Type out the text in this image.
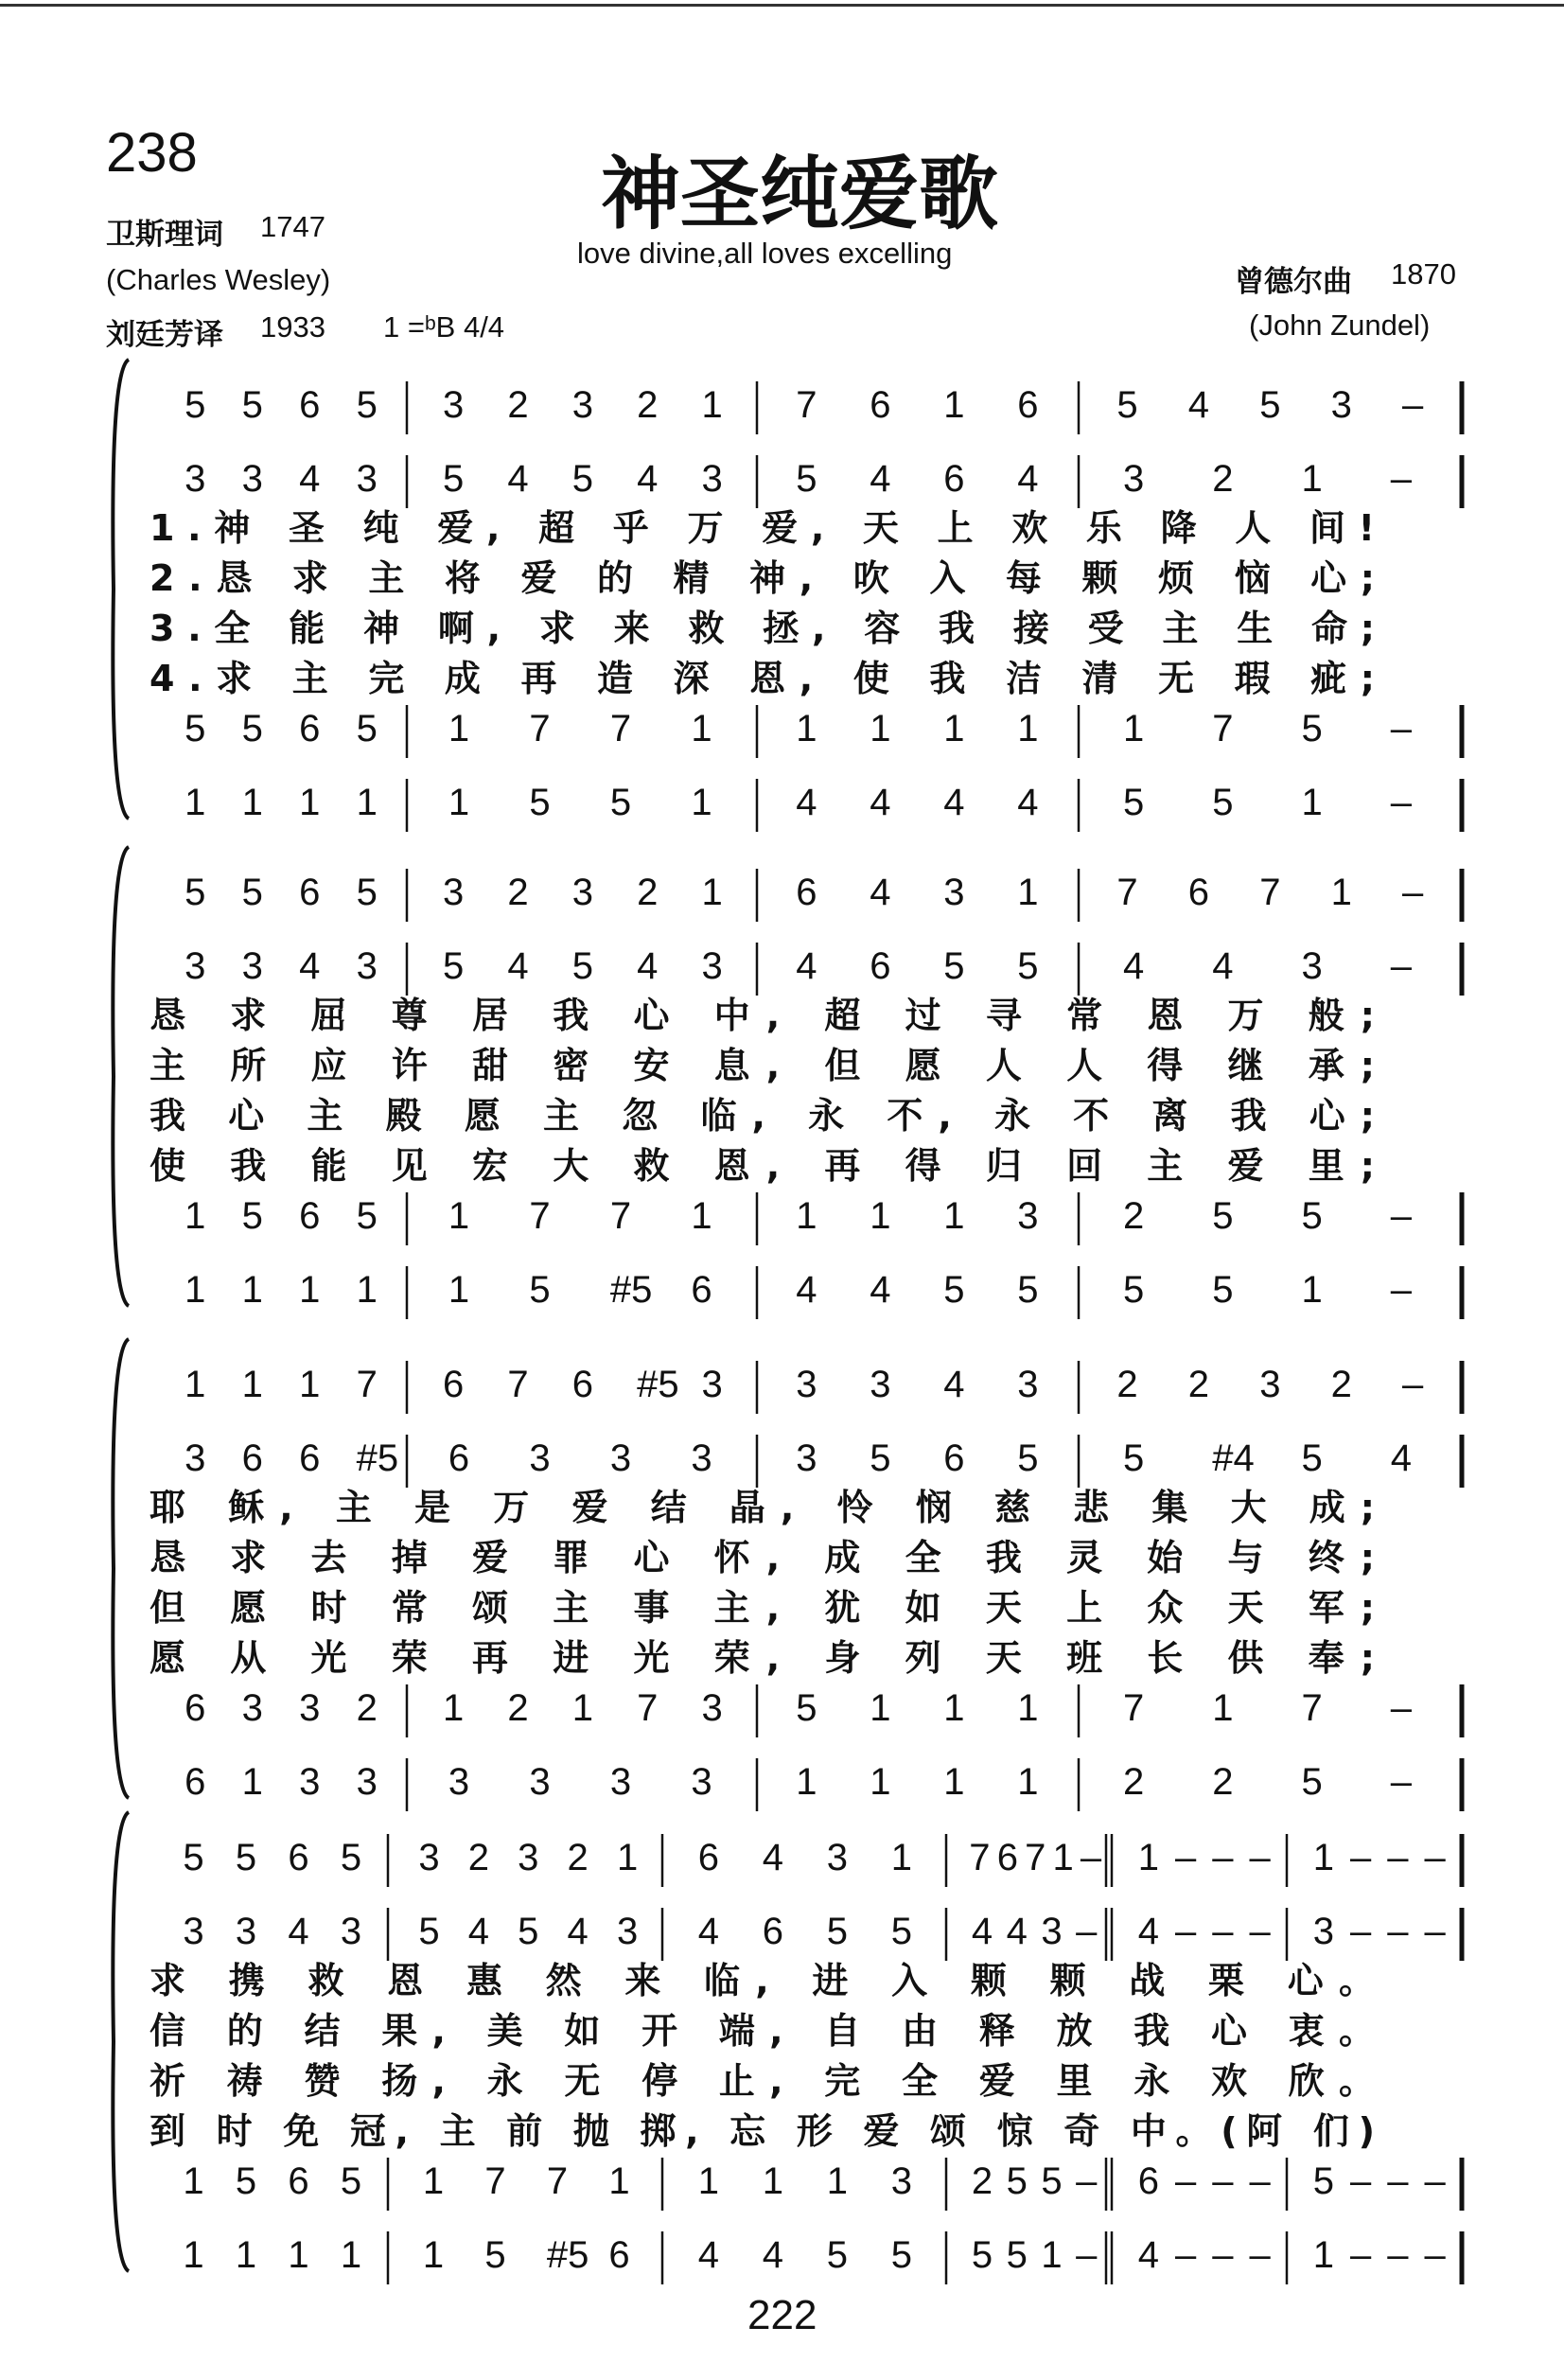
238	神圣纯爱歌
love divine,all loves excelling
卫斯理词 1747
(Charles Wesley)
刘廷芳译 1933 1 =ᵇB 4/4
曾德尔曲 1870
(John Zundel)
5 5 6 5 3 2 3 2 1 7 6 1 6 5 4 5 3 –
3 3 4 3 5 4 5 4 3 5 4 6 4 3 2 1 –
1.神 圣 纯 爱, 超 乎 万 爱, 天 上 欢 乐 降 人 间!
2.恳 求 主 将 爱 的 精 神, 吹 入 每 颗 烦 恼 心;
3.全 能 神 啊, 求 来 救 拯, 容 我 接 受 主 生 命;
4.求 主 完 成 再 造 深 恩, 使 我 洁 清 无 瑕 疵;
5 5 6 5 1 7 7 1 1 1 1 1 1 7 5 –
1 1 1 1 1 5 5 1 4 4 4 4 5 5 1 –
5 5 6 5 3 2 3 2 1 6 4 3 1 7 6 7 1 –
3 3 4 3 5 4 5 4 3 4 6 5 5 4 4 3 –
恳 求 屈 尊 居 我 心 中, 超 过 寻 常 恩 万 般;
主 所 应 许 甜 密 安 息, 但 愿 人 人 得 继 承;
我 心 主 殿 愿 主 忽 临, 永 不, 永 不 离 我 心;
使 我 能 见 宏 大 救 恩, 再 得 归 回 主 爱 里;
1 5 6 5 1 7 7 1 1 1 1 3 2 5 5 –
1 1 1 1 1 5 #5 6 4 4 5 5 5 5 1 –
1 1 1 7 6 7 6 #5 3 3 3 4 3 2 2 3 2 –
3 6 6 #5 6 3 3 3 3 5 6 5 5 #4 5 4
耶 稣, 主 是 万 爱 结 晶, 怜 悯 慈 悲 集 大 成;
恳 求 去 掉 爱 罪 心 怀, 成 全 我 灵 始 与 终;
但 愿 时 常 颂 主 事 主, 犹 如 天 上 众 天 军;
愿 从 光 荣 再 进 光 荣, 身 列 天 班 长 供 奉;
6 3 3 2 1 2 1 7 3 5 1 1 1 7 1 7 –
6 1 3 3 3 3 3 3 1 1 1 1 2 2 5 –
5 5 6 5 3 2 3 2 1 6 4 3 1 7 6 7 1 – 1 – – – 1 – – –
3 3 4 3 5 4 5 4 3 4 6 5 5 4 4 3 – 4 – – – 3 – – –
求 携 救 恩 惠 然 来 临, 进 入 颗 颗 战 栗 心。
信 的 结 果, 美 如 开 端, 自 由 释 放 我 心 衷。
祈 祷 赞 扬, 永 无 停 止, 完 全 爱 里 永 欢 欣。
到 时 免 冠, 主 前 抛 掷, 忘 形 爱 颂 惊 奇 中。(阿 们)
1 5 6 5 1 7 7 1 1 1 1 3 2 5 5 – 6 – – – 5 – – –
1 1 1 1 1 5 #5 6 4 4 5 5 5 5 1 – 4 – – – 1 – – –
222
